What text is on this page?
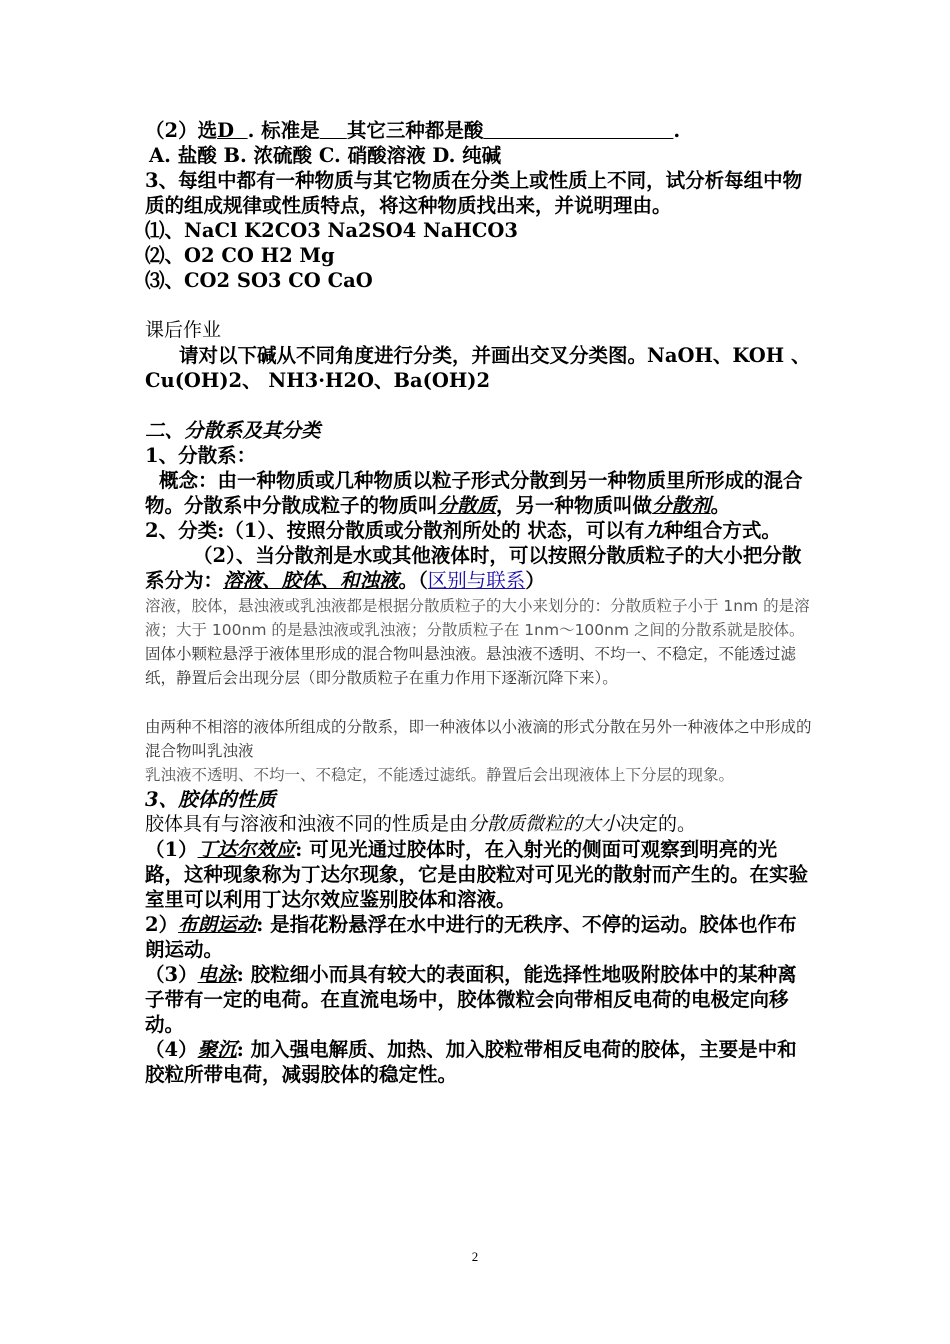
（2）选D . 标准是 其它三种都是酸	.
A. 盐酸 B. 浓硫酸 C. 硝酸溶液 D. 纯碱
3、每组中都有一种物质与其它物质在分类上或性质上不同，试分析每组中物质的组成规律或性质特点，将这种物质找出来，并说明理由。
⑴、NaCl K2CO3 Na2SO4 NaHCO3
⑵、O2 CO H2 Mg
⑶、CO2 SO3 CO CaO
课后作业
请对以下碱从不同角度进行分类，并画出交叉分类图。NaOH、KOH 、 Cu(OH)2、 NH3·H2O、Ba(OH)2
二、分散系及其分类
1、分散系：
概念：由一种物质或几种物质以粒子形式分散到另一种物质里所形成的混合物。分散系中分散成粒子的物质叫分散质，另一种物质叫做分散剂。
2、分类:（1）、按照分散质或分散剂所处的 状态，可以有九种组合方式。
（2）、当分散剂是水或其他液体时，可以按照分散质粒子的大小把分散系分为：溶液、胶体、和浊液。（区别与联系）
溶液，胶体，悬浊液或乳浊液都是根据分散质粒子的大小来划分的：分散质粒子小于 1nm 的是溶液；大于 100nm 的是悬浊液或乳浊液；分散质粒子在 1nm～100nm 之间的分散系就是胶体。
固体小颗粒悬浮于液体里形成的混合物叫悬浊液。悬浊液不透明、不均一、不稳定，不能透过滤纸，静置后会出现分层（即分散质粒子在重力作用下逐渐沉降下来）。
由两种不相溶的液体所组成的分散系，即一种液体以小液滴的形式分散在另外一种液体之中形成的混合物叫乳浊液
乳浊液不透明、不均一、不稳定，不能透过滤纸。静置后会出现液体上下分层的现象。
3、胶体的性质
胶体具有与溶液和浊液不同的性质是由分散质微粒的大小决定的。
（1）丁达尔效应: 可见光通过胶体时，在入射光的侧面可观察到明亮的光路，这种现象称为丁达尔现象，它是由胶粒对可见光的散射而产生的。在实验室里可以利用丁达尔效应鉴别胶体和溶液。
2）布朗运动: 是指花粉悬浮在水中进行的无秩序、不停的运动。胶体也作布朗运动。
（3）电泳: 胶粒细小而具有较大的表面积，能选择性地吸附胶体中的某种离子带有一定的电荷。在直流电场中，胶体微粒会向带相反电荷的电极定向移动。
（4）聚沉: 加入强电解质、加热、加入胶粒带相反电荷的胶体，主要是中和胶粒所带电荷，减弱胶体的稳定性。
2
